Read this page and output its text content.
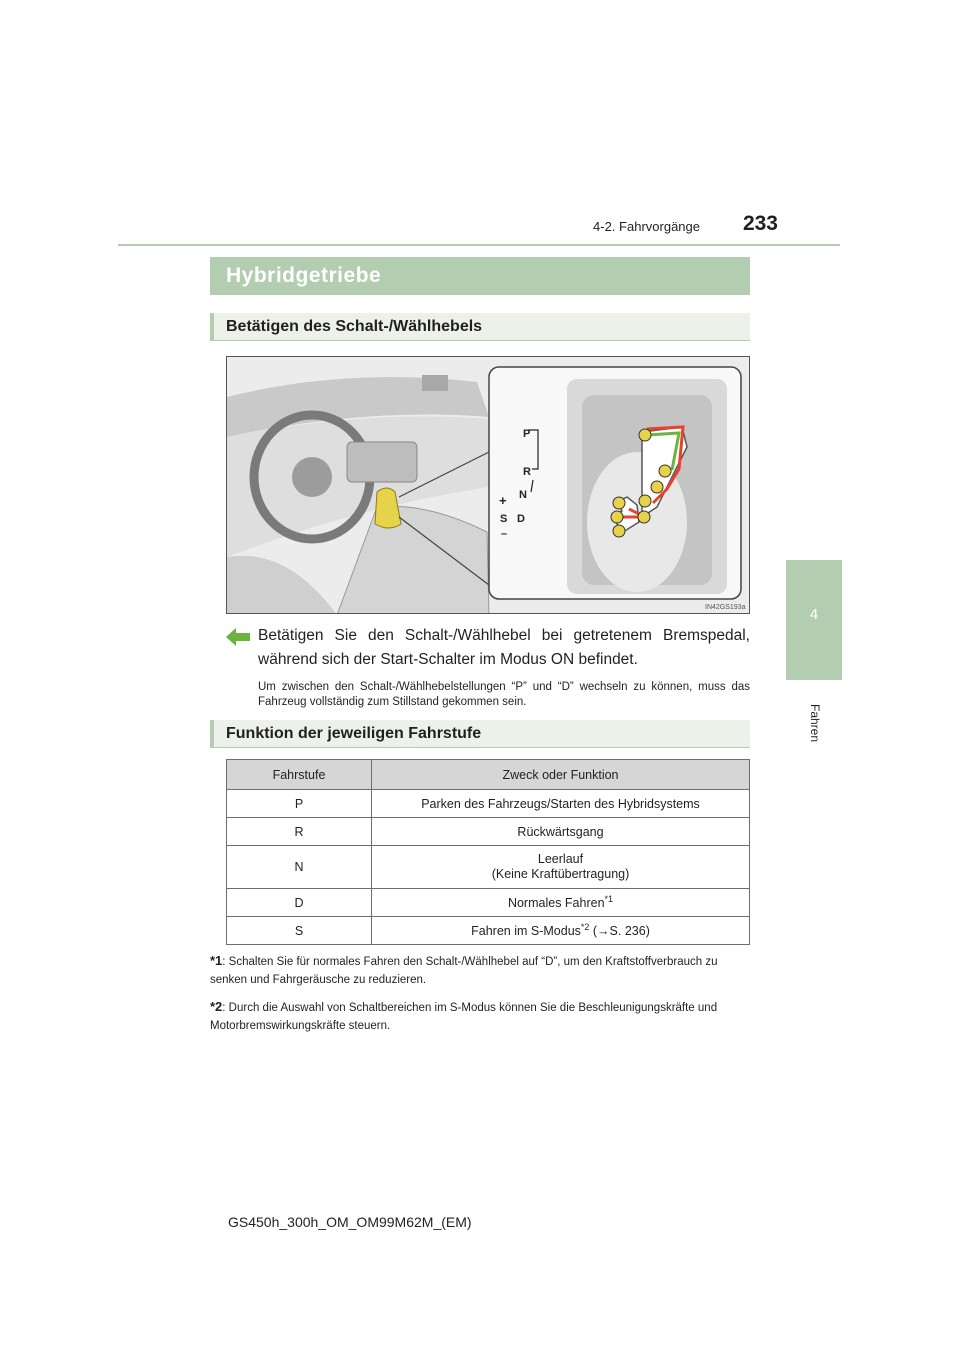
4-2. Fahrvorgänge	233
4
Fahren
Hybridgetriebe
Betätigen des Schalt-/Wählhebels
P
R
N
D
+
S
–
IN42GS193a
Betätigen Sie den Schalt-/Wählhebel bei getretenem Bremspedal, während sich der Start-Schalter im Modus ON befindet.
Um zwischen den Schalt-/Wählhebelstellungen “P” und “D” wechseln zu können, muss das Fahrzeug vollständig zum Stillstand gekommen sein.
Funktion der jeweiligen Fahrstufe
Fahrstufe	Zweck oder Funktion
P	Parken des Fahrzeugs/Starten des Hybridsystems
R	Rückwärtsgang
N	Leerlauf
(Keine Kraftübertragung)

D	Normales Fahren$^{*1}$
S	Fahren im S-Modus$^{*2}$ (→S. 236)
*1: Schalten Sie für normales Fahren den Schalt-/Wählhebel auf “D”, um den Kraftstoffverbrauch zu senken und Fahrgeräusche zu reduzieren.
*2: Durch die Auswahl von Schaltbereichen im S-Modus können Sie die Beschleunigungskräfte und Motorbremswirkungskräfte steuern.
GS450h_300h_OM_OM99M62M_(EM)
